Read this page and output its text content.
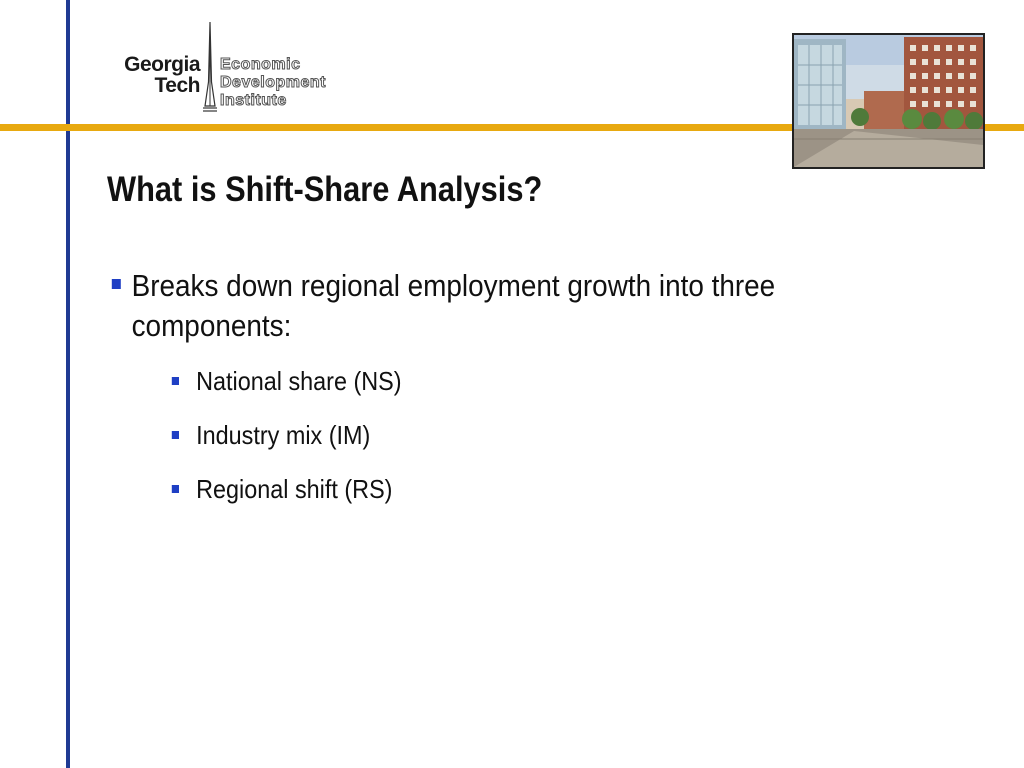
Georgia
Tech
Economic
Development
Institute
What is Shift-Share Analysis?
Breaks down regional employment growth into three components:
National share (NS)
Industry mix (IM)
Regional shift (RS)
